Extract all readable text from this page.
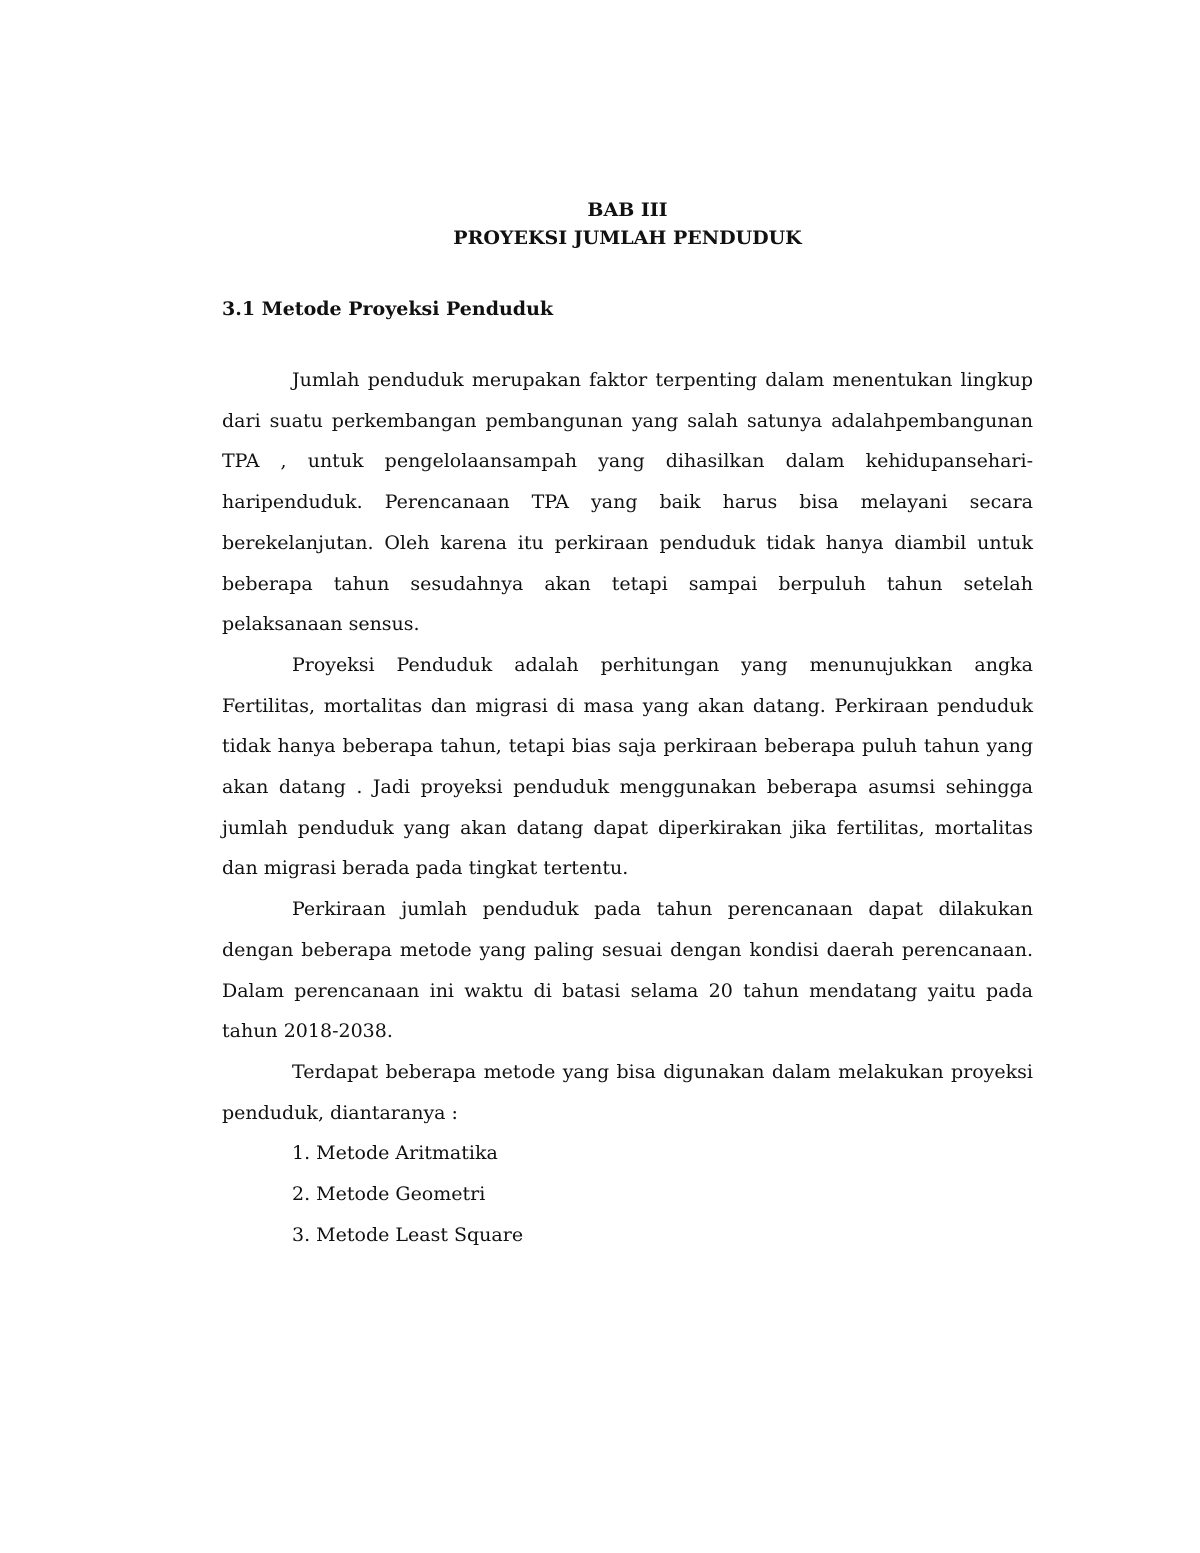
BAB III

PROYEKSI JUMLAH PENDUDUK

3.1 Metode Proyeksi Penduduk

Jumlah penduduk merupakan faktor terpenting dalam menentukan lingkup dari suatu perkembangan pembangunan yang salah satunya adalahpembangunan TPA , untuk pengelolaansampah yang dihasilkan dalam kehidupansehari-haripenduduk. Perencanaan TPA yang baik harus bisa melayani secara berekelanjutan. Oleh karena itu perkiraan penduduk tidak hanya diambil untuk beberapa tahun sesudahnya akan tetapi sampai berpuluh tahun setelah pelaksanaan sensus.

Proyeksi Penduduk adalah perhitungan yang menunujukkan angka Fertilitas, mortalitas dan migrasi di masa yang akan datang. Perkiraan penduduk tidak hanya beberapa tahun, tetapi bias saja perkiraan beberapa puluh tahun yang akan datang . Jadi proyeksi penduduk menggunakan beberapa asumsi sehingga jumlah penduduk yang akan datang dapat diperkirakan jika fertilitas, mortalitas dan migrasi berada pada tingkat tertentu.

Perkiraan jumlah penduduk pada tahun perencanaan dapat dilakukan dengan beberapa metode yang paling sesuai dengan kondisi daerah perencanaan. Dalam perencanaan ini waktu di batasi selama 20 tahun mendatang yaitu pada tahun 2018-2038.

Terdapat beberapa metode yang bisa digunakan dalam melakukan proyeksi penduduk, diantaranya :

1. Metode Aritmatika
2. Metode Geometri
3. Metode Least Square
